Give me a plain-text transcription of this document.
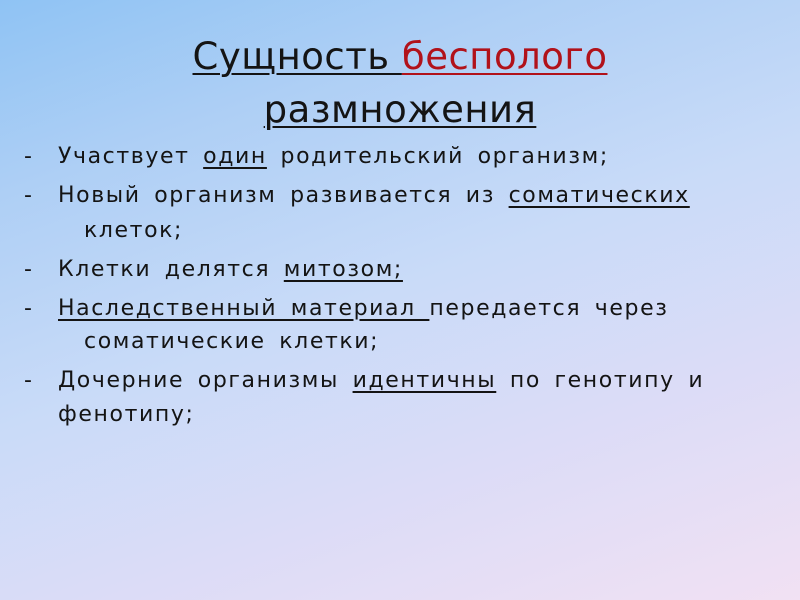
Сущность бесполого
размножения
- Участвует один родительский организм;
- Новый организм развивается из соматических
клеток;
- Клетки делятся митозом;
- Наследственный материал передается через
соматические клетки;
- Дочерние организмы идентичны по генотипу и фенотипу;
